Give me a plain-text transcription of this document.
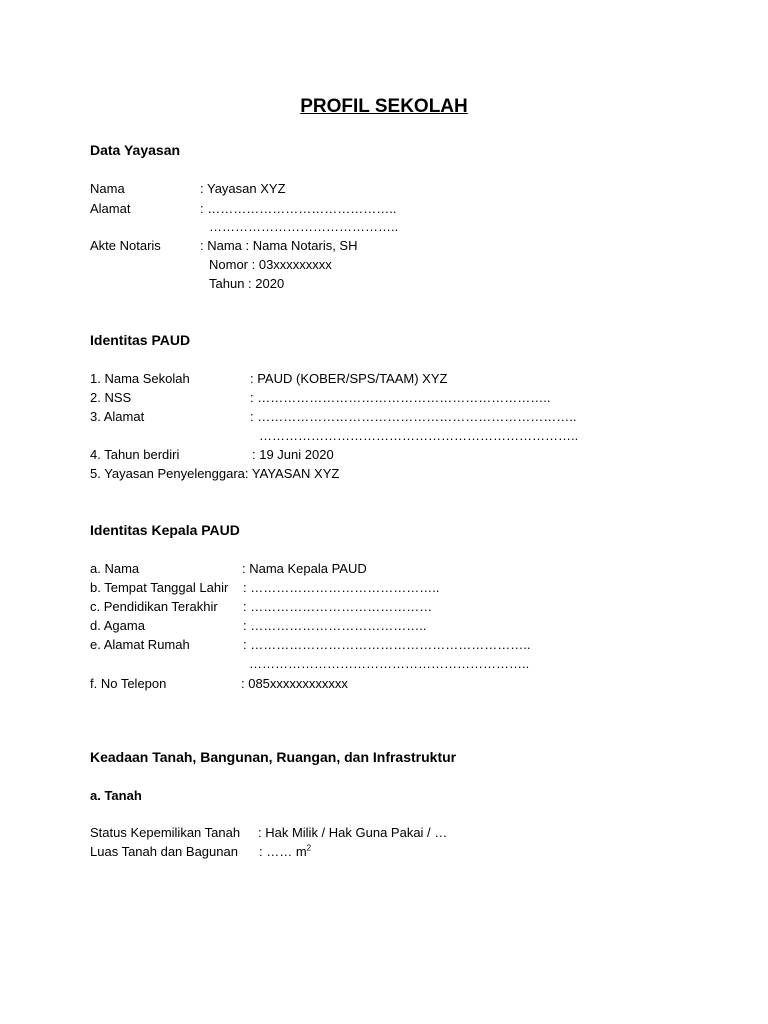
PROFIL SEKOLAH
Data Yayasan
Nama	: Yayasan XYZ
Alamat	: ……………………………………..
……………………………………..
Akte Notaris	: Nama : Nama Notaris, SH
Nomor : 03xxxxxxxxx
Tahun : 2020
Identitas PAUD
1. Nama Sekolah	: PAUD (KOBER/SPS/TAAM) XYZ
2. NSS	: …………………………………………………………..
3. Alamat	: ………………………………………………………………..
………………………………………………………………..
4. Tahun berdiri	: 19 Juni 2020
5. Yayasan Penyelenggara: YAYASAN XYZ
Identitas Kepala PAUD
a. Nama	: Nama Kepala PAUD
b. Tempat Tanggal Lahir : ……………………………………..
c. Pendidikan Terakhir : ……………………………………
d. Agama	: …………………………………..
e. Alamat Rumah	: ………………………………………………………..
………………………………………………………..
f. No Telepon	: 085xxxxxxxxxxxx
Keadaan Tanah, Bangunan, Ruangan, dan Infrastruktur
a. Tanah
Status Kepemilikan Tanah : Hak Milik / Hak Guna Pakai / …
Luas Tanah dan Bagunan : …… $m^2$
